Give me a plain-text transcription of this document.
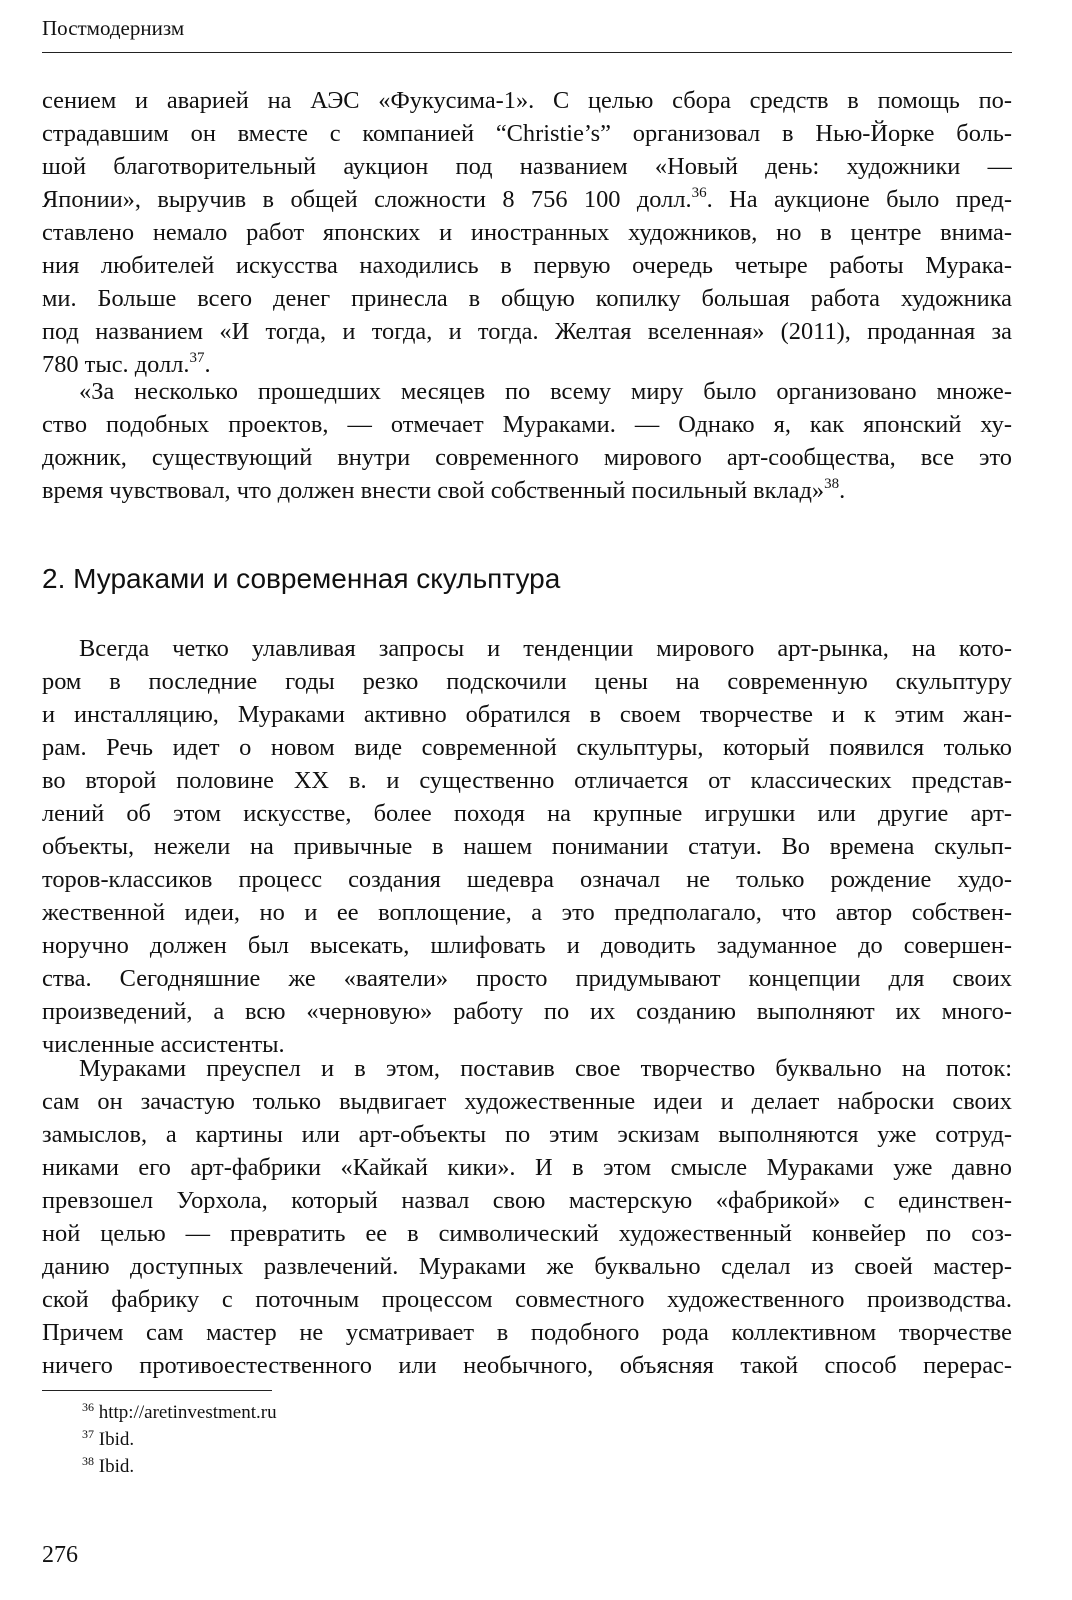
Постмодернизм
сением и аварией на АЭС «Фукусима-1». С целью сбора средств в помощь по-
страдавшим он вместе с компанией “Christie’s” организовал в Нью-Йорке боль-
шой благотворительный аукцион под названием «Новый день: художники —
Японии», выручив в общей сложности 8 756 100 долл.$^{36}$. На аукционе было пред-
ставлено немало работ японских и иностранных художников, но в центре внима-
ния любителей искусства находились в первую очередь четыре работы Мурака-
ми. Больше всего денег принесла в общую копилку большая работа художника
под названием «И тогда, и тогда, и тогда. Желтая вселенная» (2011), проданная за
780 тыс. долл.$^{37}$.
«За несколько прошедших месяцев по всему миру было организовано множе-
ство подобных проектов, — отмечает Мураками. — Однако я, как японский ху-
дожник, существующий внутри современного мирового арт-сообщества, все это
время чувствовал, что должен внести свой собственный посильный вклад»$^{38}$.
2. Мураками и современная скульптура
Всегда четко улавливая запросы и тенденции мирового арт-рынка, на кото-
ром в последние годы резко подскочили цены на современную скульптуру
и инсталляцию, Мураками активно обратился в своем творчестве и к этим жан-
рам. Речь идет о новом виде современной скульптуры, который появился только
во второй половине XX в. и существенно отличается от классических представ-
лений об этом искусстве, более походя на крупные игрушки или другие арт-
объекты, нежели на привычные в нашем понимании статуи. Во времена скульп-
торов-классиков процесс создания шедевра означал не только рождение худо-
жественной идеи, но и ее воплощение, а это предполагало, что автор собствен-
норучно должен был высекать, шлифовать и доводить задуманное до совершен-
ства. Сегодняшние же «ваятели» просто придумывают концепции для своих
произведений, а всю «черновую» работу по их созданию выполняют их много-
численные ассистенты.
Мураками преуспел и в этом, поставив свое творчество буквально на поток:
сам он зачастую только выдвигает художественные идеи и делает наброски своих
замыслов, а картины или арт-объекты по этим эскизам выполняются уже сотруд-
никами его арт-фабрики «Кайкай кики». И в этом смысле Мураками уже давно
превзошел Уорхола, который назвал свою мастерскую «фабрикой» с единствен-
ной целью — превратить ее в символический художественный конвейер по соз-
данию доступных развлечений. Мураками же буквально сделал из своей мастер-
ской фабрику с поточным процессом совместного художественного производства.
Причем сам мастер не усматривает в подобного рода коллективном творчестве
ничего противоестественного или необычного, объясняя такой способ перерас-
$^{36}$ http://aretinvestment.ru
$^{37}$ Ibid.
$^{38}$ Ibid.
276
